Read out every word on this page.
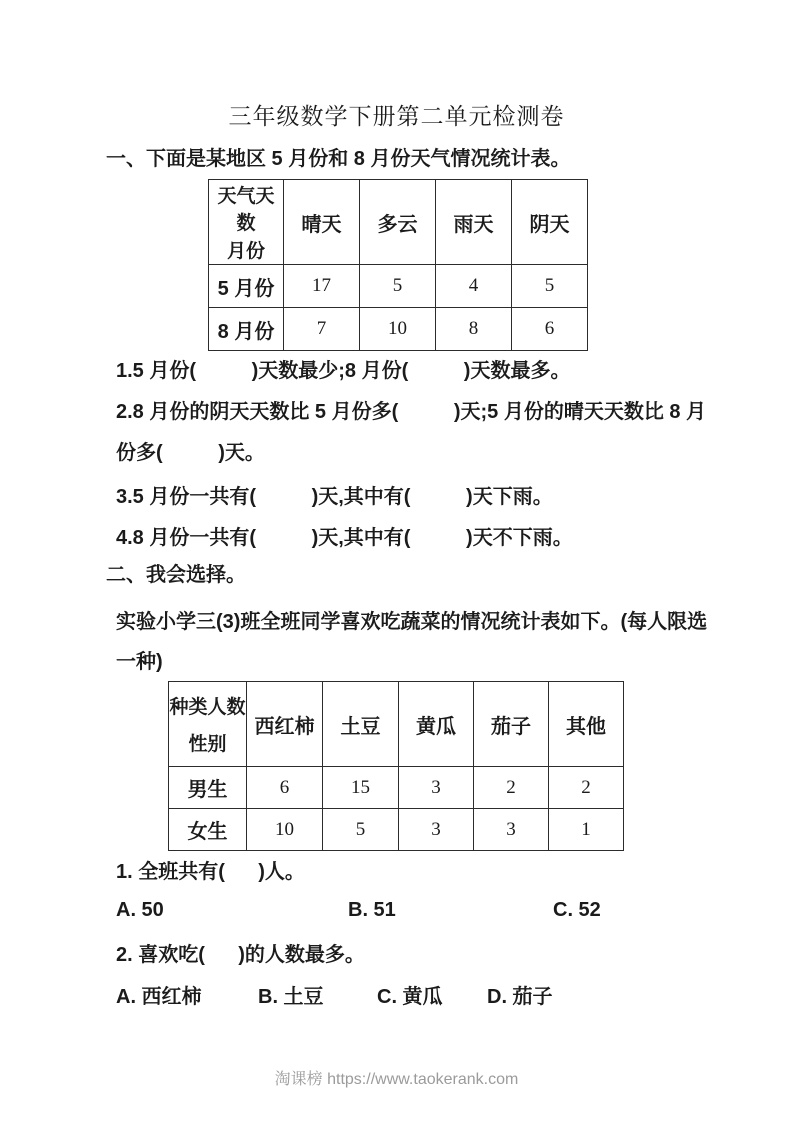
三年级数学下册第二单元检测卷
一、下面是某地区 5 月份和 8 月份天气情况统计表。
天气天数
月份	晴天	多云	雨天	阴天
5 月份	17	5	4	5
8 月份	7	10	8	6
1.5 月份(          )天数最少;8 月份(          )天数最多。
2.8 月份的阴天天数比 5 月份多(          )天;5 月份的晴天天数比 8 月
份多(          )天。
3.5 月份一共有(          )天,其中有(          )天下雨。
4.8 月份一共有(          )天,其中有(          )天不下雨。
二、我会选择。
实验小学三(3)班全班同学喜欢吃蔬菜的情况统计表如下。(每人限选
一种)
种类人数
性别	西红柿	土豆	黄瓜	茄子	其他
男生	6	15	3	2	2
女生	10	5	3	3	1
1. 全班共有(      )人。
A. 50	B. 51	C. 52
2. 喜欢吃(      )的人数最多。
A. 西红柿	B. 土豆	C. 黄瓜 D. 茄子
淘课榜 https://www.taokerank.com
